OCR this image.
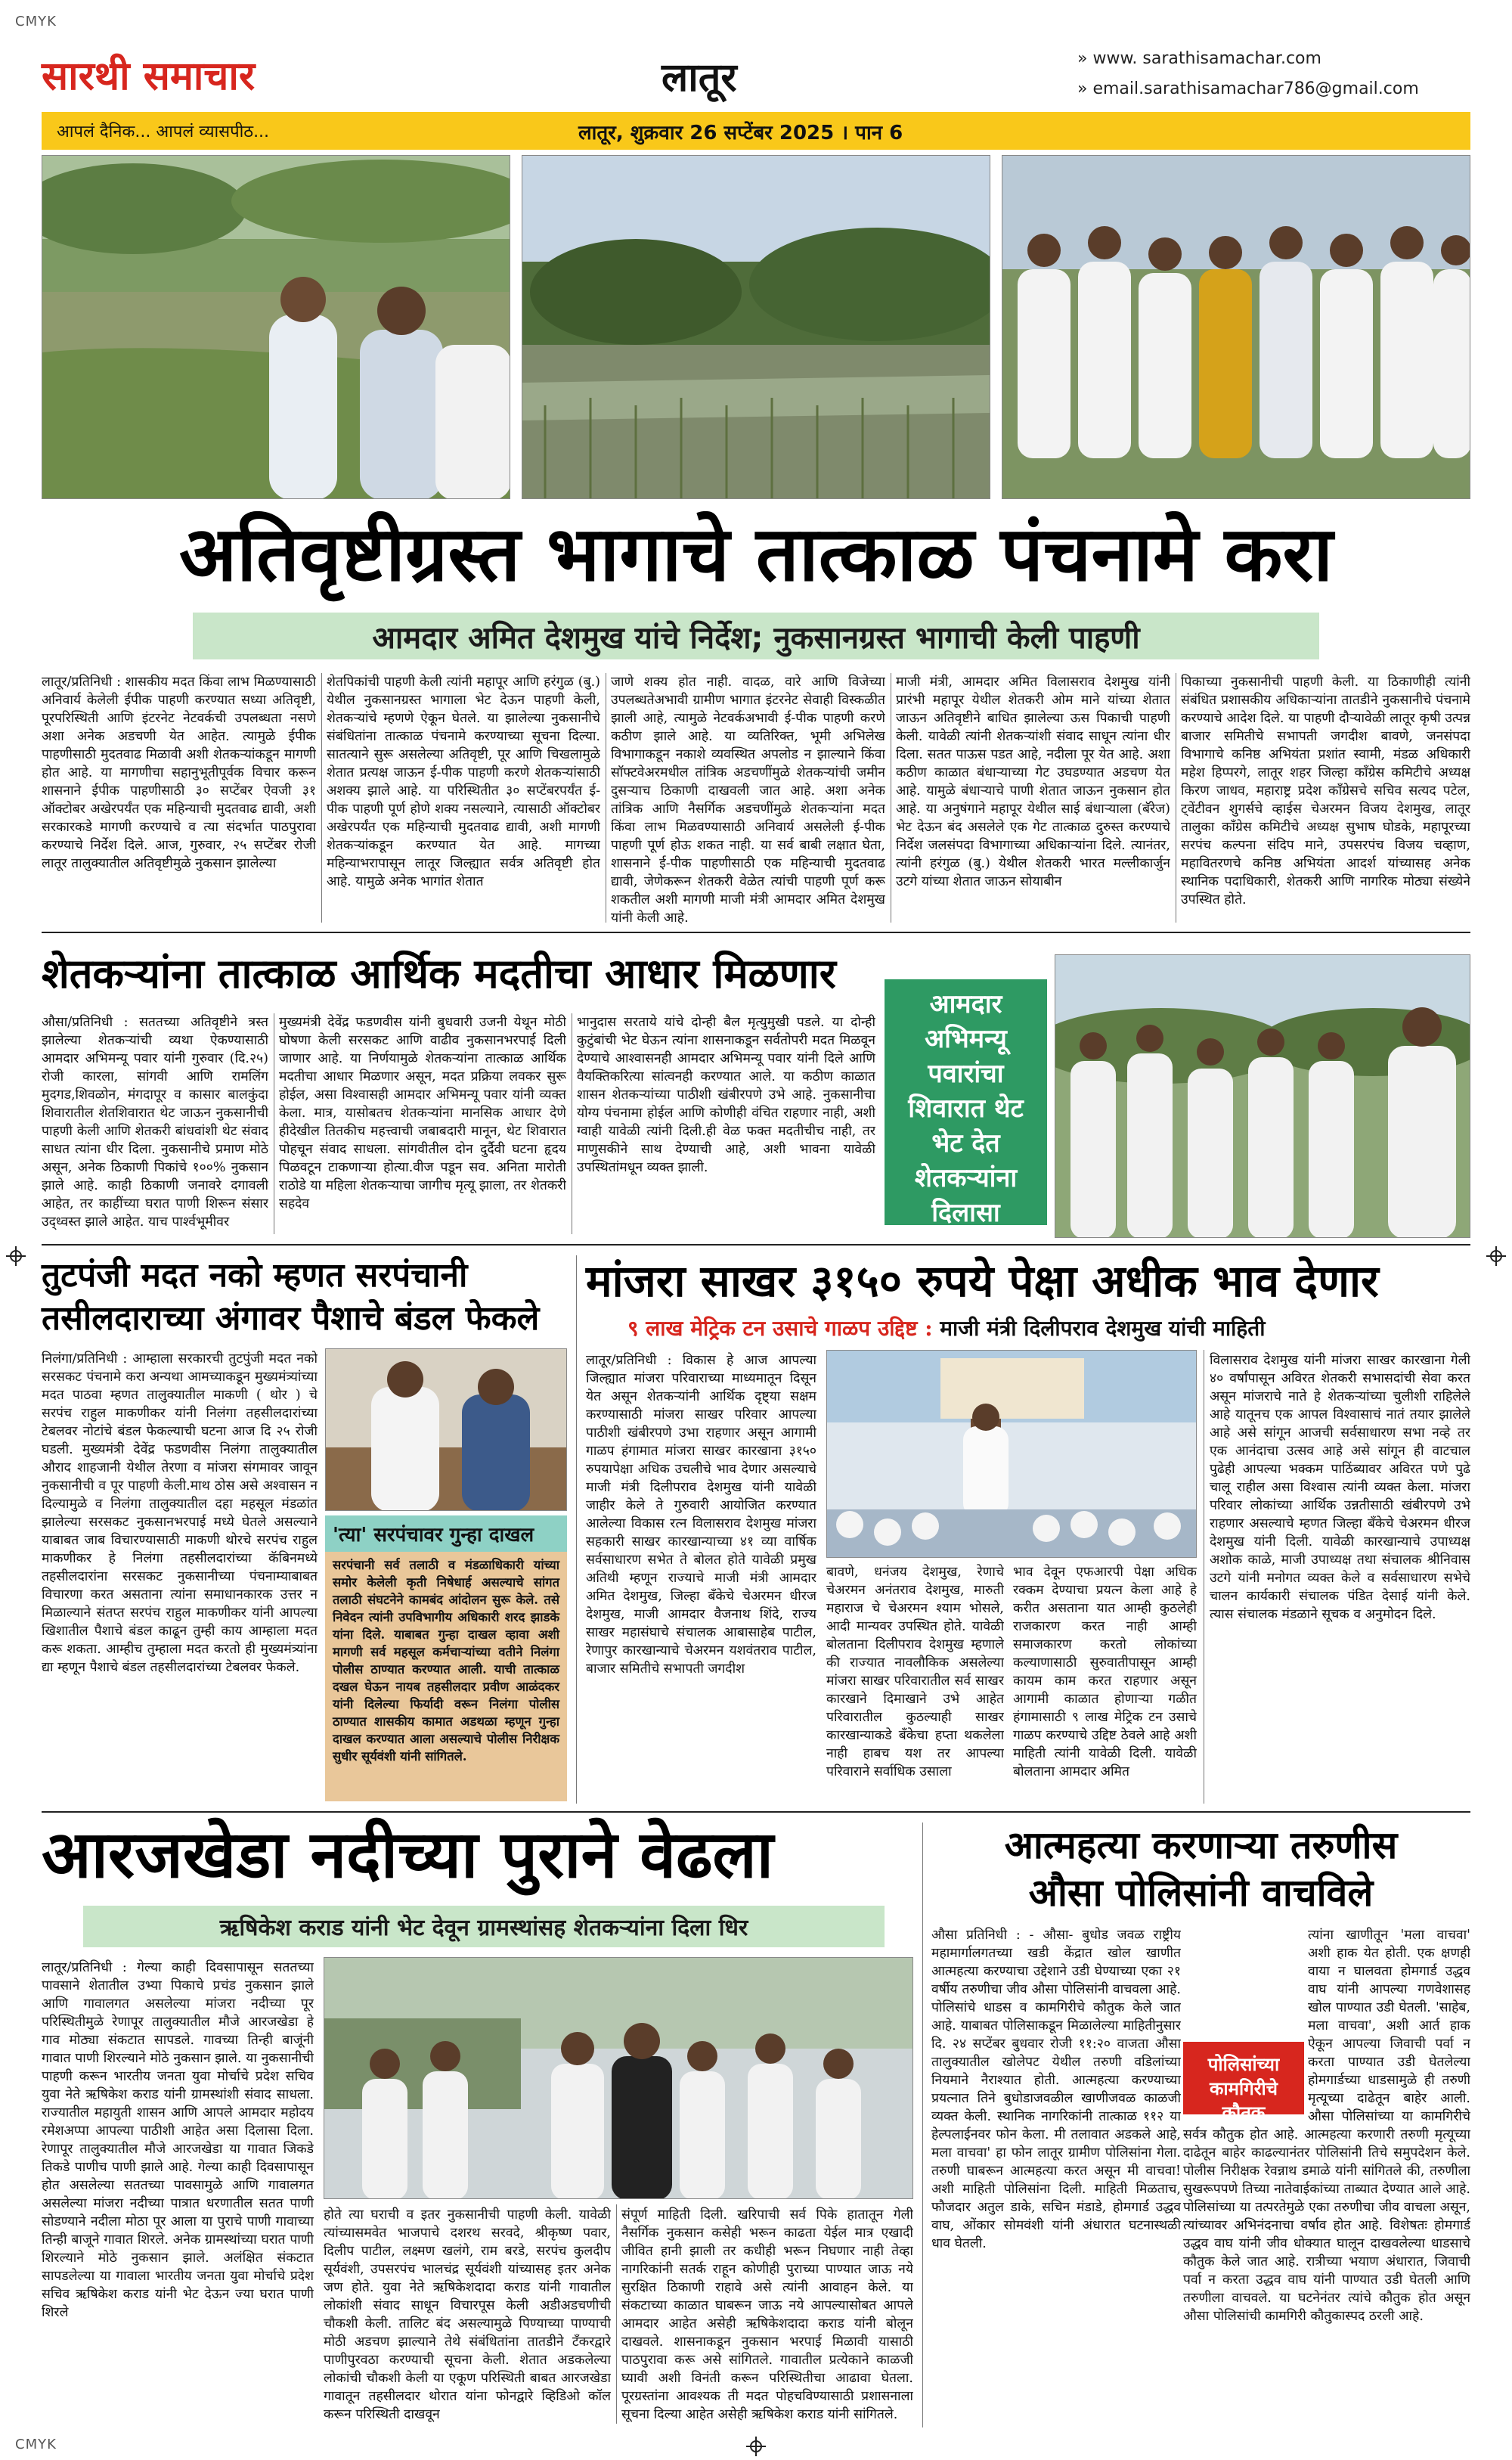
CMYK
CMYK
सारथी समाचार	लातूर	» www. sarathisamachar.com
» email.sarathisamachar786@gmail.com
आपलं दैनिक... आपलं व्यासपीठ...	लातूर, शुक्रवार 26 सप्टेंबर 2025 । पान 6
अतिवृष्टीग्रस्त भागाचे तात्काळ पंचनामे करा
आमदार अमित देशमुख यांचे निर्देश; नुकसानग्रस्त भागाची केली पाहणी
लातूर/प्रतिनिधी : शासकीय मदत किंवा लाभ मिळण्यासाठी अनिवार्य केलेली ईपीक पाहणी करण्यात सध्या अतिवृष्टी, पूरपरिस्थिती आणि इंटरनेट नेटवर्कची उपलब्धता नसणे अशा अनेक अडचणी येत आहेत. त्यामुळे ईपीक पाहणीसाठी मुदतवाढ मिळावी अशी शेतकऱ्यांकडून मागणी होत आहे. या मागणीचा सहानुभूतीपूर्वक विचार करून शासनाने ईपीक पाहणीसाठी ३० सप्टेंबर ऐवजी ३१ ऑक्टोबर अखेरपर्यंत एक महिन्याची मुदतवाढ द्यावी, अशी सरकारकडे मागणी करण्याचे व त्या संदर्भात पाठपुरावा करण्याचे निर्देश दिले. आज, गुरुवार, २५ सप्टेंबर रोजी लातूर तालुक्यातील अतिवृष्टीमुळे नुकसान झालेल्या
शेतपिकांची पाहणी केली त्यांनी महापूर आणि हरंगुळ (बु.) येथील नुकसानग्रस्त भागाला भेट देऊन पाहणी केली, शेतकऱ्यांचे म्हणणे ऐकून घेतले. या झालेल्या नुकसानीचे संबंधितांना तात्काळ पंचनामे करण्याच्या सूचना दिल्या. सातत्याने सुरू असलेल्या अतिवृष्टी, पूर आणि चिखलामुळे शेतात प्रत्यक्ष जाऊन ई-पीक पाहणी करणे शेतकऱ्यांसाठी अशक्य झाले आहे. या परिस्थितीत ३० सप्टेंबरपर्यंत ई-पीक पाहणी पूर्ण होणे शक्य नसल्याने, त्यासाठी ऑक्टोबर अखेरपर्यंत एक महिन्याची मुदतवाढ द्यावी, अशी मागणी शेतकऱ्यांकडून करण्यात येत आहे. मागच्या महिन्याभरापासून लातूर जिल्ह्यात सर्वत्र अतिवृष्टी होत आहे. यामुळे अनेक भागांत शेतात
जाणे शक्य होत नाही. वादळ, वारे आणि विजेच्या उपलब्धतेअभावी ग्रामीण भागात इंटरनेट सेवाही विस्कळीत झाली आहे, त्यामुळे नेटवर्कअभावी ई-पीक पाहणी करणे कठीण झाले आहे. या व्यतिरिक्त, भूमी अभिलेख विभागाकडून नकाशे व्यवस्थित अपलोड न झाल्याने किंवा सॉफ्टवेअरमधील तांत्रिक अडचणींमुळे शेतकऱ्यांची जमीन दुसऱ्याच ठिकाणी दाखवली जात आहे. अशा अनेक तांत्रिक आणि नैसर्गिक अडचणींमुळे शेतकऱ्यांना मदत किंवा लाभ मिळवण्यासाठी अनिवार्य असलेली ई-पीक पाहणी पूर्ण होऊ शकत नाही. या सर्व बाबी लक्षात घेता, शासनाने ई-पीक पाहणीसाठी एक महिन्याची मुदतवाढ द्यावी, जेणेकरून शेतकरी वेळेत त्यांची पाहणी पूर्ण करू शकतील अशी मागणी माजी मंत्री आमदार अमित देशमुख यांनी केली आहे.
माजी मंत्री, आमदार अमित विलासराव देशमुख यांनी प्रारंभी महापूर येथील शेतकरी ओम माने यांच्या शेतात जाऊन अतिवृष्टीने बाधित झालेल्या ऊस पिकाची पाहणी केली. यावेळी त्यांनी शेतकऱ्यांशी संवाद साधून त्यांना धीर दिला. सतत पाऊस पडत आहे, नदीला पूर येत आहे. अशा कठीण काळात बंधाऱ्याच्या गेट उघडण्यात अडचण येत आहे. यामुळे बंधाऱ्याचे पाणी शेतात जाऊन नुकसान होत आहे. या अनुषंगाने महापूर येथील साई बंधाऱ्याला (बॅरेज) भेट देऊन बंद असलेले एक गेट तात्काळ दुरुस्त करण्याचे निर्देश जलसंपदा विभागाच्या अधिकाऱ्यांना दिले. त्यानंतर, त्यांनी हरंगुळ (बु.) येथील शेतकरी भारत मल्लीकार्जुन उटगे यांच्या शेतात जाऊन सोयाबीन
पिकाच्या नुकसानीची पाहणी केली. या ठिकाणीही त्यांनी संबंधित प्रशासकीय अधिकाऱ्यांना तातडीने नुकसानीचे पंचनामे करण्याचे आदेश दिले. या पाहणी दौऱ्यावेळी लातूर कृषी उत्पन्न बाजार समितीचे सभापती जगदीश बावणे, जनसंपदा विभागाचे कनिष्ठ अभियंता प्रशांत स्वामी, मंडळ अधिकारी महेश हिप्परगे, लातूर शहर जिल्हा काँग्रेस कमिटीचे अध्यक्ष किरण जाधव, महाराष्ट्र प्रदेश काँग्रेसचे सचिव सत्यद पटेल, ट्वेंटीवन शुगर्सचे व्हाईस चेअरमन विजय देशमुख, लातूर तालुका काँग्रेस कमिटीचे अध्यक्ष सुभाष घोडके, महापूरच्या सरपंच कल्पना संदिप माने, उपसरपंच विजय चव्हाण, महावितरणचे कनिष्ठ अभियंता आदर्श यांच्यासह अनेक स्थानिक पदाधिकारी, शेतकरी आणि नागरिक मोठ्या संख्येने उपस्थित होते.
शेतकऱ्यांना तात्काळ आर्थिक मदतीचा आधार मिळणार
औसा/प्रतिनिधी : सततच्या अतिवृष्टीने त्रस्त झालेल्या शेतकऱ्यांची व्यथा ऐकण्यासाठी आमदार अभिमन्यू पवार यांनी गुरुवार (दि.२५) रोजी कारला, सांगवी आणि रामलिंग मुदगड,शिवळोन, मंगदापूर व कासार बालकुंदा शिवारातील शेतशिवारात थेट जाऊन नुकसानीची पाहणी केली आणि शेतकरी बांधवांशी थेट संवाद साधत त्यांना धीर दिला. नुकसानीचे प्रमाण मोठे असून, अनेक ठिकाणी पिकांचे १००% नुकसान झाले आहे. काही ठिकाणी जनावरे दगावली आहेत, तर काहींच्या घरात पाणी शिरून संसार उद्ध्वस्त झाले आहेत. याच पार्श्वभूमीवर
मुख्यमंत्री देवेंद्र फडणवीस यांनी बुधवारी उजनी येथून मोठी घोषणा केली सरसकट आणि वाढीव नुकसानभरपाई दिली जाणार आहे. या निर्णयामुळे शेतकऱ्यांना तात्काळ आर्थिक मदतीचा आधार मिळणार असून, मदत प्रक्रिया लवकर सुरू होईल, असा विश्वासही आमदार अभिमन्यू पवार यांनी व्यक्त केला. मात्र, यासोबतच शेतकऱ्यांना मानसिक आधार देणे हीदेखील तितकीच महत्त्वाची जबाबदारी मानून, थेट शिवारात पोहचून संवाद साधला. सांगवीतील दोन दुर्दैवी घटना हृदय पिळवटून टाकणाऱ्या होत्या.वीज पडून सव. अनिता मारोती राठोडे या महिला शेतकऱ्याचा जागीच मृत्यू झाला, तर शेतकरी सहदेव
भानुदास सरताये यांचे दोन्ही बैल मृत्युमुखी पडले. या दोन्ही कुटुंबांची भेट घेऊन त्यांना शासनाकडून सर्वतोपरी मदत मिळवून देण्याचे आश्वासनही आमदार अभिमन्यू पवार यांनी दिले आणि वैयक्तिकरित्या सांत्वनही करण्यात आले. या कठीण काळात शासन शेतकऱ्यांच्या पाठीशी खंबीरपणे उभे आहे. नुकसानीचा योग्य पंचनामा होईल आणि कोणीही वंचित राहणार नाही, अशी ग्वाही यावेळी त्यांनी दिली.ही वेळ फक्त मदतीचीच नाही, तर माणुसकीने साथ देण्याची आहे, अशी भावना यावेळी उपस्थितांमधून व्यक्त झाली.
आमदार अभिमन्यू पवारांचा शिवारात थेट भेट देत शेतकऱ्यांना दिलासा
तुटपंजी मदत नको म्हणत सरपंचानी
तसीलदाराच्या अंगावर पैशाचे बंडल फेकले
निलंगा/प्रतिनिधी : आम्हाला सरकारची तुटपुंजी मदत नको सरसकट पंचनामे करा अन्यथा आमच्याकडून मुख्यमंत्र्यांच्या मदत पाठवा म्हणत तालुक्यातील माकणी ( थोर ) चे सरपंच राहुल माकणीकर यांनी निलंगा तहसीलदारांच्या टेबलवर नोटांचे बंडल फेकल्याची घटना आज दि २५ रोजी घडली. मुख्यमंत्री देवेंद्र फडणवीस निलंगा तालुक्यातील औराद शाहजानी येथील तेरणा व मांजरा संगमावर जावून नुकसानीची व पूर पाहणी केली.माथ ठोस असे अश्वासन न दिल्यामुळे व निलंगा तालुक्यातील दहा महसूल मंडळांत झालेल्या सरसकट नुकसानभरपाई मध्ये घेतले असल्याने याबाबत जाब विचारण्यासाठी माकणी थोरचे सरपंच राहुल माकणीकर हे निलंगा तहसीलदारांच्या कॅबिनमध्ये तहसीलदारांना सरसकट नुकसानीच्या पंचनाम्याबाबत विचारणा करत असताना त्यांना समाधानकारक उत्तर न मिळाल्याने संतप्त सरपंच राहुल माकणीकर यांनी आपल्या खिशातील पैशाचे बंडल काढून तुम्ही काय आम्हाला मदत करू शकता. आम्हीच तुम्हाला मदत करतो ही मुख्यमंत्र्यांना द्या म्हणून पैशाचे बंडल तहसीलदारांच्या टेबलवर फेकले.
'त्या' सरपंचावर गुन्हा दाखल
सरपंचानी सर्व तलाठी व मंडळाधिकारी यांच्या समोर केलेली कृती निषेधार्ह असल्याचे सांगत तलाठी संघटनेने कामबंद आंदोलन सुरू केले. तसे निवेदन त्यांनी उपविभागीय अधिकारी शरद झाडके यांना दिले. याबाबत गुन्हा दाखल व्हावा अशी मागणी सर्व महसूल कर्मचाऱ्यांच्या वतीने निलंगा पोलीस ठाण्यात करण्यात आली. याची तात्काळ दखल घेऊन नायब तहसीलदार प्रवीण आळंदकर यांनी दिलेल्या फिर्यादी वरून निलंगा पोलीस ठाण्यात शासकीय कामात अडथळा म्हणून गुन्हा दाखल करण्यात आला असल्याचे पोलीस निरीक्षक सुधीर सूर्यवंशी यांनी सांगितले.
मांजरा साखर ३१५० रुपये पेक्षा अधीक भाव देणार
९ लाख मेट्रिक टन उसाचे गाळप उद्दिष्ट : माजी मंत्री दिलीपराव देशमुख यांची माहिती
लातूर/प्रतिनिधी : विकास हे आज आपल्या जिल्ह्यात मांजरा परिवाराच्या माध्यमातून दिसून येत असून शेतकऱ्यांनी आर्थिक दृष्ट्या सक्षम करण्यासाठी मांजरा साखर परिवार आपल्या पाठीशी खंबीरपणे उभा राहणार असून आगामी गाळप हंगामात मांजरा साखर कारखाना ३१५० रुपयापेक्षा अधिक उचलीचे भाव देणार असल्याचे माजी मंत्री दिलीपराव देशमुख यांनी यावेळी जाहीर केले ते गुरुवारी आयोजित करण्यात आलेल्या विकास रत्न विलासराव देशमुख मांजरा सहकारी साखर कारखान्याच्या ४१ व्या वार्षिक सर्वसाधारण सभेत ते बोलत होते यावेळी प्रमुख अतिथी म्हणून राज्याचे माजी मंत्री आमदार अमित देशमुख, जिल्हा बँकेचे चेअरमन धीरज देशमुख, माजी आमदार वैजनाथ शिंदे, राज्य साखर महासंघाचे संचालक आबासाहेब पाटील, रेणापुर कारखान्याचे चेअरमन यशवंतराव पाटील, बाजार समितीचे सभापती जगदीश
बावणे, धनंजय देशमुख, रेणाचे चेअरमन अनंतराव देशमुख, मारुती महाराज चे चेअरमन श्याम भोसले, आदी मान्यवर उपस्थित होते. यावेळी बोलताना दिलीपराव देशमुख म्हणाले की राज्यात नावलौकिक असलेल्या मांजरा साखर परिवारातील सर्व साखर कारखाने दिमाखाने उभे आहेत परिवारातील कुठल्याही साखर कारखान्याकडे बँकेचा हप्ता थकलेला नाही हाबच यश तर आपल्या परिवाराने सर्वाधिक उसाला
भाव देवून एफआरपी पेक्षा अधिक रक्कम देण्याचा प्रयत्न केला आहे हे करीत असताना यात आम्ही कुठलेही राजकारण करत नाही आम्ही समाजकारण करतो लोकांच्या कल्याणासाठी सुरुवातीपासून आम्ही कायम काम करत राहणार असून आगामी काळात होणाऱ्या गळीत हंगामासाठी ९ लाख मेट्रिक टन उसाचे गाळप करण्याचे उद्दिष्ट ठेवले आहे अशी माहिती त्यांनी यावेळी दिली. यावेळी बोलताना आमदार अमित
विलासराव देशमुख यांनी मांजरा साखर कारखाना गेली ४० वर्षांपासून अविरत शेतकरी सभासदांची सेवा करत असून मांजराचे नाते हे शेतकऱ्यांच्या चुलीशी राहिलेले आहे यातूनच एक आपल विश्वासाचं नातं तयार झालेले आहे असे सांगून आजची सर्वसाधारण सभा नव्हे तर एक आनंदाचा उत्सव आहे असे सांगून ही वाटचाल पुढेही आपल्या भक्कम पाठिंब्यावर अविरत पणे पुढे चालू राहील असा विश्वास त्यांनी व्यक्त केला. मांजरा परिवार लोकांच्या आर्थिक उन्नतीसाठी खंबीरपणे उभे राहणार असल्याचे म्हणत जिल्हा बँकेचे चेअरमन धीरज देशमुख यांनी दिली. यावेळी कारखान्याचे उपाध्यक्ष अशोक काळे, माजी उपाध्यक्ष तथा संचालक श्रीनिवास उटगे यांनी मनोगत व्यक्त केले व सर्वसाधारण सभेचे चालन कार्यकारी संचालक पंडित देसाई यांनी केले. त्यास संचालक मंडळाने सूचक व अनुमोदन दिले.
आरजखेडा नदीच्या पुराने वेढला
ऋषिकेश कराड यांनी भेट देवून ग्रामस्थांसह शेतकऱ्यांना दिला धिर
लातूर/प्रतिनिधी : गेल्या काही दिवसापासून सततच्या पावसाने शेतातील उभ्या पिकाचे प्रचंड नुकसान झाले आणि गावालगत असलेल्या मांजरा नदीच्या पूर परिस्थितीमुळे रेणापूर तालुक्यातील मौजे आरजखेडा हे गाव मोठ्या संकटात सापडले. गावच्या तिन्ही बाजूंनी गावात पाणी शिरल्याने मोठे नुकसान झाले. या नुकसानीची पाहणी करून भारतीय जनता युवा मोर्चाचे प्रदेश सचिव युवा नेते ऋषिकेश कराड यांनी ग्रामस्थांशी संवाद साधला. राज्यातील महायुती शासन आणि आपले आमदार महोदय रमेशअप्पा आपल्या पाठीशी आहेत असा दिलासा दिला. रेणापूर तालुक्यातील मौजे आरजखेडा या गावात जिकडे तिकडे पाणीच पाणी झाले आहे. गेल्या काही दिवसापासून होत असलेल्या सततच्या पावसामुळे आणि गावालगत असलेल्या मांजरा नदीच्या पात्रात धरणातील सतत पाणी सोडण्याने नदीला मोठा पूर आला या पुराचे पाणी गावाच्या तिन्ही बाजूने गावात शिरले. अनेक ग्रामस्थांच्या घरात पाणी शिरल्याने मोठे नुकसान झाले. अलंक्षित संकटात सापडलेल्या या गावाला भारतीय जनता युवा मोर्चाचे प्रदेश सचिव ऋषिकेश कराड यांनी भेट देऊन ज्या घरात पाणी शिरले
होते त्या घराची व इतर नुकसानीची पाहणी केली. यावेळी त्यांच्यासमवेत भाजपाचे दशरथ सरवदे, श्रीकृष्ण पवार, दिलीप पाटील, लक्ष्मण खलंगे, राम बरडे, सरपंच कुलदीप सूर्यवंशी, उपसरपंच भालचंद्र सूर्यवंशी यांच्यासह इतर अनेक जण होते. युवा नेते ऋषिकेशदादा कराड यांनी गावातील लोकांशी संवाद साधून विचारपूस केली अडीअडचणीची चौकशी केली. तालिट बंद असल्यामुळे पिण्याच्या पाण्याची मोठी अडचण झाल्याने तेथे संबंधितांना तातडीने टँकरद्वारे पाणीपुरवठा करण्याची सूचना केली. शेतात अडकलेल्या लोकांची चौकशी केली या एकूण परिस्थिती बाबत आरजखेडा गावातून तहसीलदार थोरात यांना फोनद्वारे व्हिडिओ कॉल करून परिस्थिती दाखवून
संपूर्ण माहिती दिली. खरिपाची सर्व पिके हातातून गेली नैसर्गिक नुकसान कसेही भरून काढता येईल मात्र एखादी जीवित हानी झाली तर कधीही भरून निघणार नाही तेव्हा नागरिकांनी सतर्क राहून कोणीही पुराच्या पाण्यात जाऊ नये सुरक्षित ठिकाणी राहावे असे त्यांनी आवाहन केले. या संकटाच्या काळात घाबरून जाऊ नये आपल्यासोबत आपले आमदार आहेत असेही ऋषिकेशदादा कराड यांनी बोलून दाखवले. शासनाकडून नुकसान भरपाई मिळावी यासाठी पाठपुरावा करू असे सांगितले. गावातील प्रत्येकाने काळजी घ्यावी अशी विनंती करून परिस्थितीचा आढावा घेतला. पूरग्रस्तांना आवश्यक ती मदत पोहचविण्यासाठी प्रशासनाला सूचना दिल्या आहेत असेही ऋषिकेश कराड यांनी सांगितले.
आत्महत्या करणाऱ्या तरुणीस
औसा पोलिसांनी वाचविले
औसा प्रतिनिधी : - औसा- बुधोड जवळ राष्ट्रीय महामार्गालगतच्या खडी केंद्रात खोल खाणीत आत्महत्या करण्याचा उद्देशाने उडी घेण्याच्या एका २१ वर्षीय तरुणीचा जीव औसा पोलिसांनी वाचवला आहे. पोलिसांचे धाडस व कामगिरीचे कौतुक केले जात आहे. याबाबत पोलिसाकडून मिळालेल्या माहितीनुसार दि. २४ सप्टेंबर बुधवार रोजी ११:२० वाजता औसा तालुक्यातील खोलेपट येथील तरुणी वडिलांच्या नियमाने नैराश्यात होती. आत्महत्या करण्याच्या प्रयत्नात तिने बुधोडाजवळील खाणीजवळ काळजी व्यक्त केली. स्थानिक नागरिकांनी तात्काळ ११२ या हेल्पलाईनवर फोन केला. मी तलावात अडकले आहे, मला वाचवा' हा फोन लातूर ग्रामीण पोलिसांना गेला. तरुणी घाबरून आत्महत्या करत असून मी वाचवा! अशी माहिती पोलिसांना दिली. माहिती मिळताच, फौजदार अतुल डाके, सचिन मंडाडे, होमगार्ड उद्धव वाघ, ओंकार सोमवंशी यांनी अंधारात घटनास्थळी धाव घेतली.
पोलिसांच्या कामगिरीचे कौतुक
त्यांना खाणीतून 'मला वाचवा' अशी हाक येत होती. एक क्षणही वाया न घालवता होमगार्ड उद्धव वाघ यांनी आपल्या गणवेशासह खोल पाण्यात उडी घेतली. 'साहेब, मला वाचवा', अशी आर्त हाक ऐकून आपल्या जिवाची पर्वा न करता पाण्यात उडी घेतलेल्या होमगार्डच्या धाडसामुळे ही तरुणी मृत्यूच्या दाढेतून बाहेर आली. औसा पोलिसांच्या या कामगिरीचे सर्वत्र कौतुक होत आहे. आत्महत्या करणारी तरुणी मृत्यूच्या दाढेतून बाहेर काढल्यानंतर पोलिसांनी तिचे समुपदेशन केले. पोलीस निरीक्षक रेवन्नाथ डमाळे यांनी सांगितले की, तरुणीला सुखरूपपणे तिच्या नातेवाईकांच्या ताब्यात देण्यात आले आहे. पोलिसांच्या या तत्परतेमुळे एका तरुणीचा जीव वाचला असून, त्यांच्यावर अभिनंदनाचा वर्षाव होत आहे. विशेषतः होमगार्ड उद्धव वाघ यांनी जीव धोक्यात घालून दाखवलेल्या धाडसाचे कौतुक केले जात आहे. रात्रीच्या भयाण अंधारात, जिवाची पर्वा न करता उद्धव वाघ यांनी पाण्यात उडी घेतली आणि तरुणीला वाचवले. या घटनेनंतर त्यांचे कौतुक होत असून औसा पोलिसांची कामगिरी कौतुकास्पद ठरली आहे.
